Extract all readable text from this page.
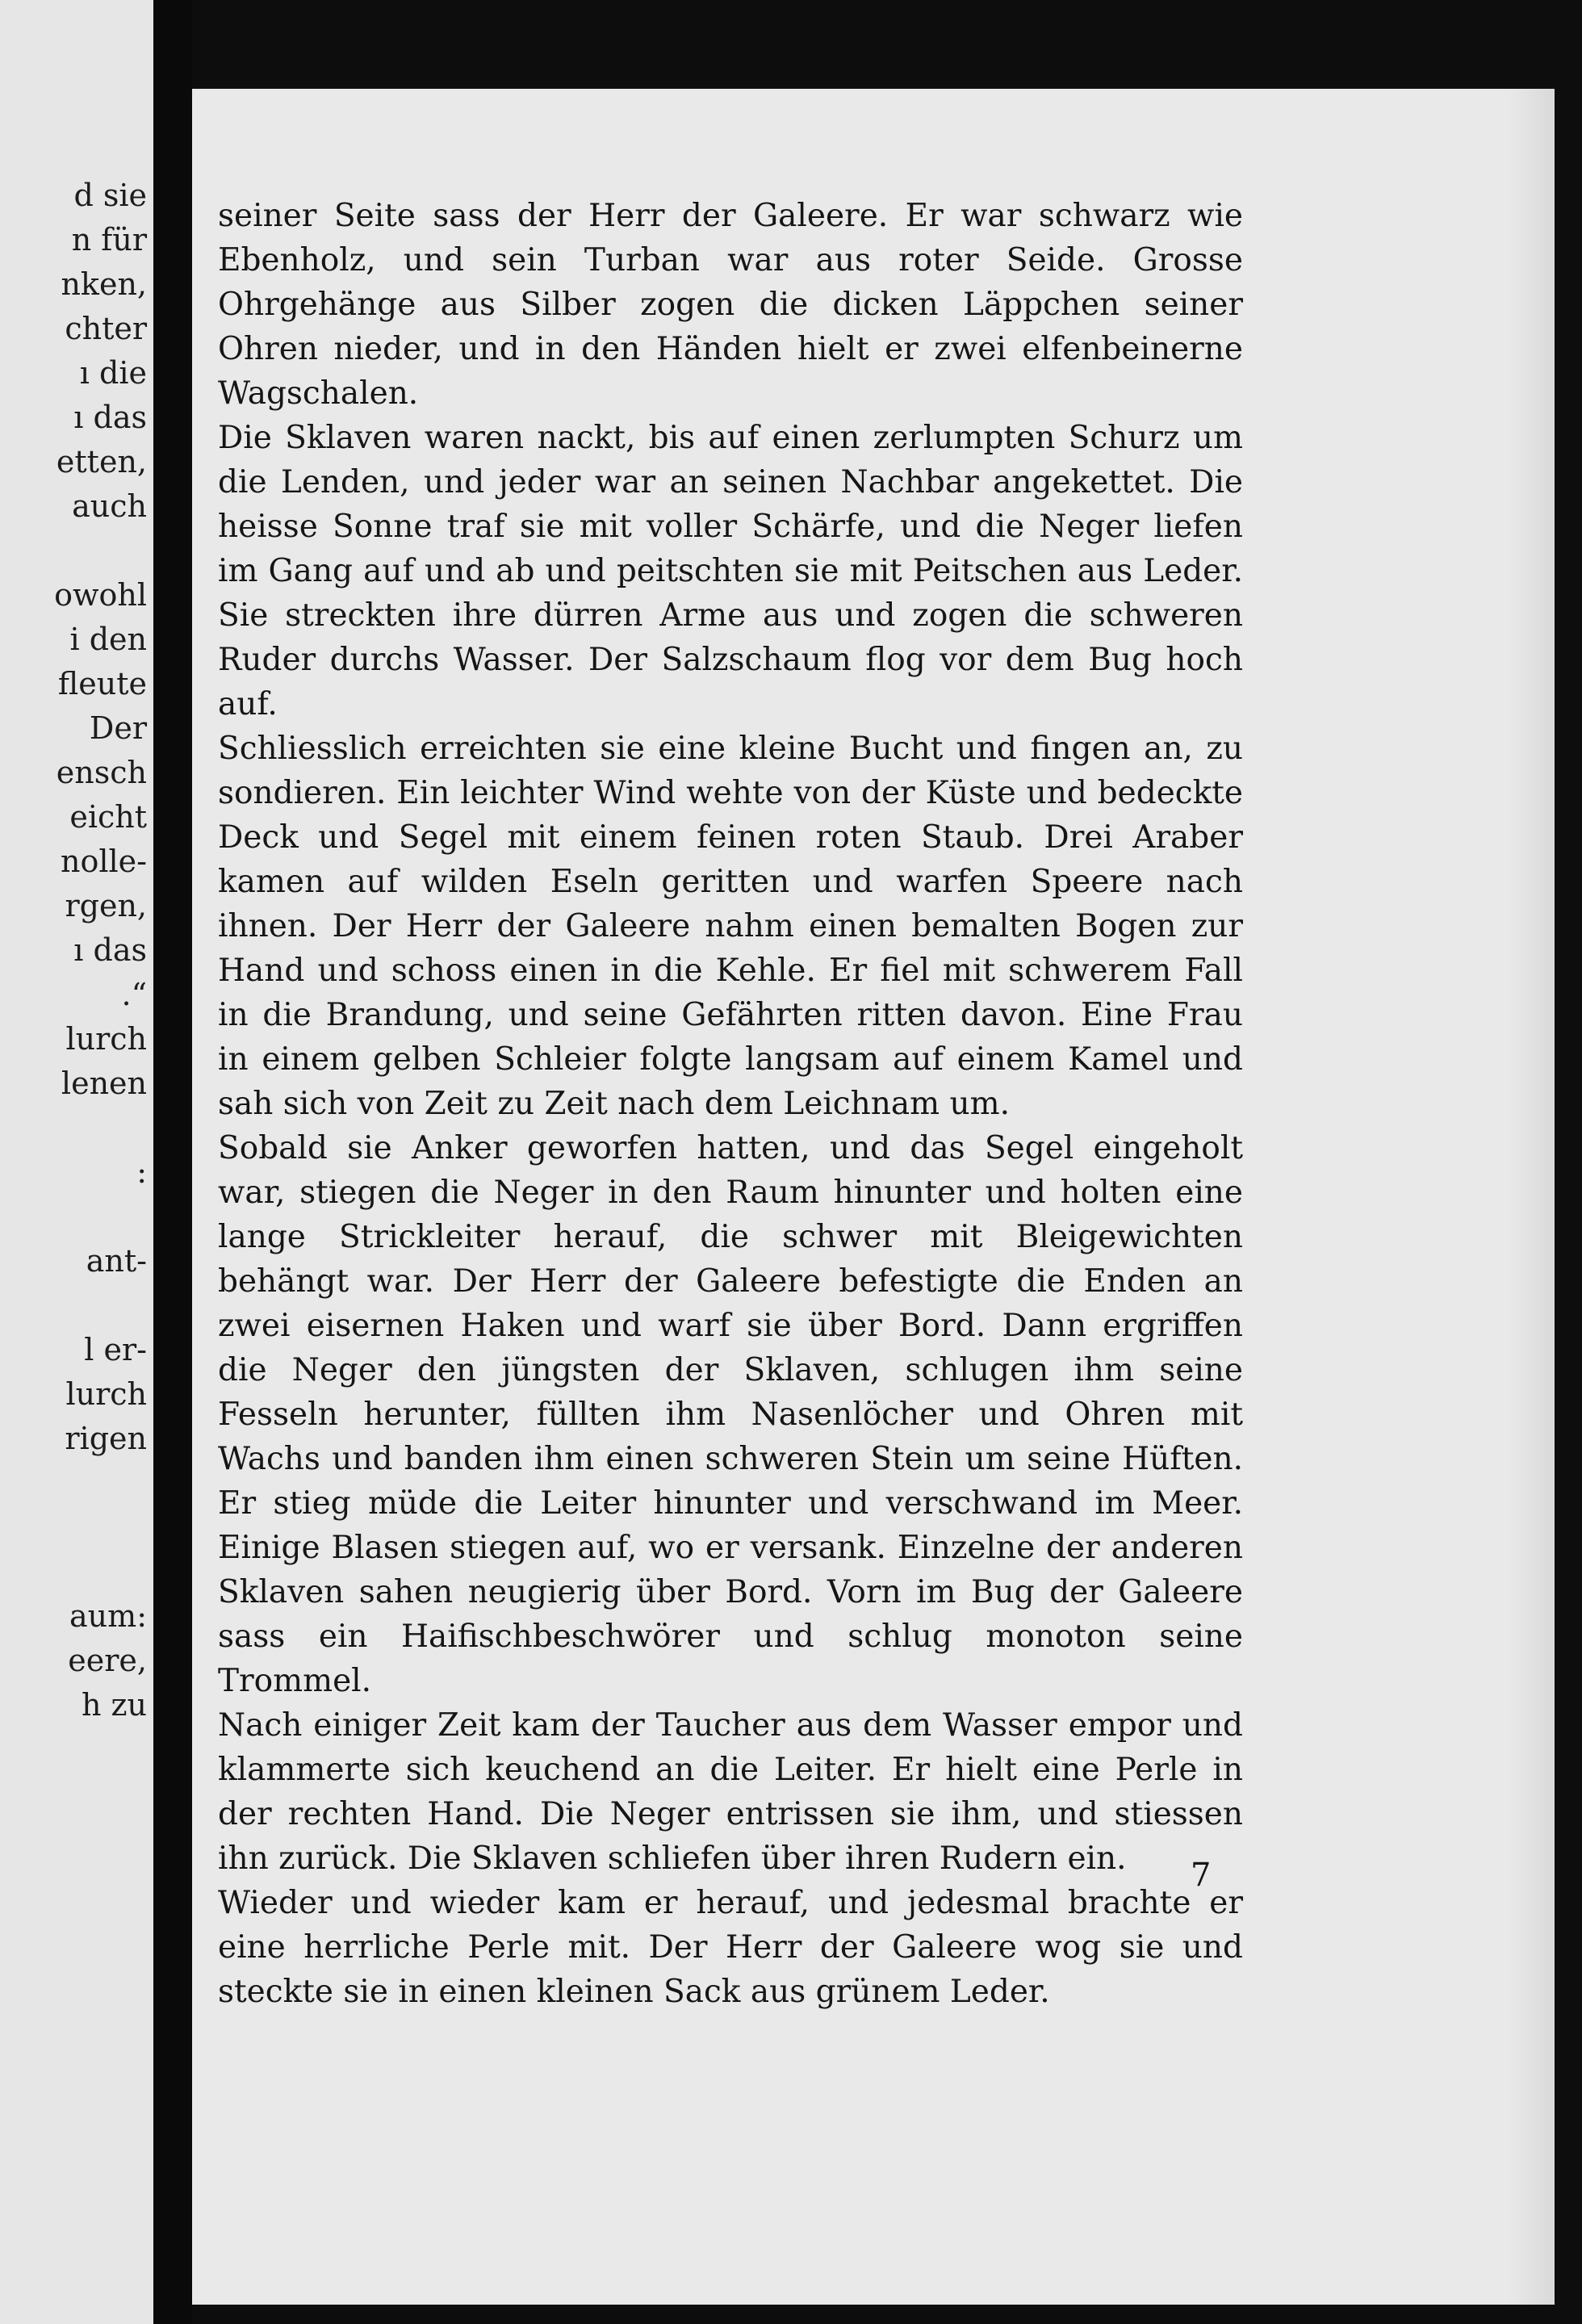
d sie
n für
nken,
chter
ı die
ı das
etten,
auch

owohl
i den
fleute
Der
ensch
eicht
nolle-
rgen,
ı das
.“
lurch
lenen

:

ant-

l er-
lurch
rigen

aum:
eere,
h zu

seiner Seite sass der Herr der Galeere. Er war schwarz wie Ebenholz, und sein Turban war aus roter Seide. Grosse Ohrgehänge aus Silber zogen die dicken Läppchen seiner Ohren nieder, und in den Händen hielt er zwei elfenbeinerne Wagschalen.

Die Sklaven waren nackt, bis auf einen zerlumpten Schurz um die Lenden, und jeder war an seinen Nachbar angekettet. Die heisse Sonne traf sie mit voller Schärfe, und die Neger liefen im Gang auf und ab und peitschten sie mit Peitschen aus Leder. Sie streckten ihre dürren Arme aus und zogen die schweren Ruder durchs Wasser. Der Salzschaum flog vor dem Bug hoch auf.

Schliesslich erreichten sie eine kleine Bucht und fingen an, zu sondieren. Ein leichter Wind wehte von der Küste und bedeckte Deck und Segel mit einem feinen roten Staub. Drei Araber kamen auf wilden Eseln geritten und warfen Speere nach ihnen. Der Herr der Galeere nahm einen bemalten Bogen zur Hand und schoss einen in die Kehle. Er fiel mit schwerem Fall in die Brandung, und seine Gefährten ritten davon. Eine Frau in einem gelben Schleier folgte langsam auf einem Kamel und sah sich von Zeit zu Zeit nach dem Leichnam um.

Sobald sie Anker geworfen hatten, und das Segel eingeholt war, stiegen die Neger in den Raum hinunter und holten eine lange Strickleiter herauf, die schwer mit Bleigewichten behängt war. Der Herr der Galeere befestigte die Enden an zwei eisernen Haken und warf sie über Bord. Dann ergriffen die Neger den jüngsten der Sklaven, schlugen ihm seine Fesseln herunter, füllten ihm Nasenlöcher und Ohren mit Wachs und banden ihm einen schweren Stein um seine Hüften. Er stieg müde die Leiter hinunter und verschwand im Meer. Einige Blasen stiegen auf, wo er versank. Einzelne der anderen Sklaven sahen neugierig über Bord. Vorn im Bug der Galeere sass ein Haifischbeschwörer und schlug monoton seine Trommel.

Nach einiger Zeit kam der Taucher aus dem Wasser empor und klammerte sich keuchend an die Leiter. Er hielt eine Perle in der rechten Hand. Die Neger entrissen sie ihm, und stiessen ihn zurück. Die Sklaven schliefen über ihren Rudern ein.

Wieder und wieder kam er herauf, und jedesmal brachte er eine herrliche Perle mit. Der Herr der Galeere wog sie und steckte sie in einen kleinen Sack aus grünem Leder.

7
